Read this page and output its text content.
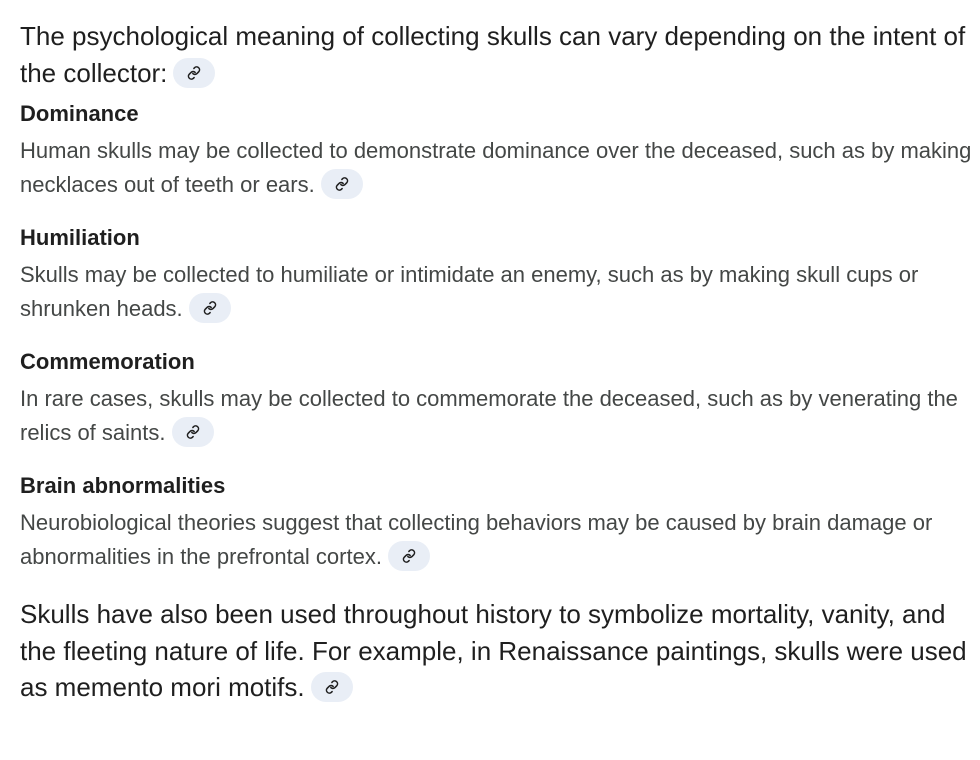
The psychological meaning of collecting skulls can vary depending on the intent of the collector:

Dominance

Human skulls may be collected to demonstrate dominance over the deceased, such as by making necklaces out of teeth or ears.

Humiliation

Skulls may be collected to humiliate or intimidate an enemy, such as by making skull cups or shrunken heads.

Commemoration

In rare cases, skulls may be collected to commemorate the deceased, such as by venerating the relics of saints.

Brain abnormalities

Neurobiological theories suggest that collecting behaviors may be caused by brain damage or abnormalities in the prefrontal cortex.

Skulls have also been used throughout history to symbolize mortality, vanity, and the fleeting nature of life. For example, in Renaissance paintings, skulls were used as memento mori motifs.
